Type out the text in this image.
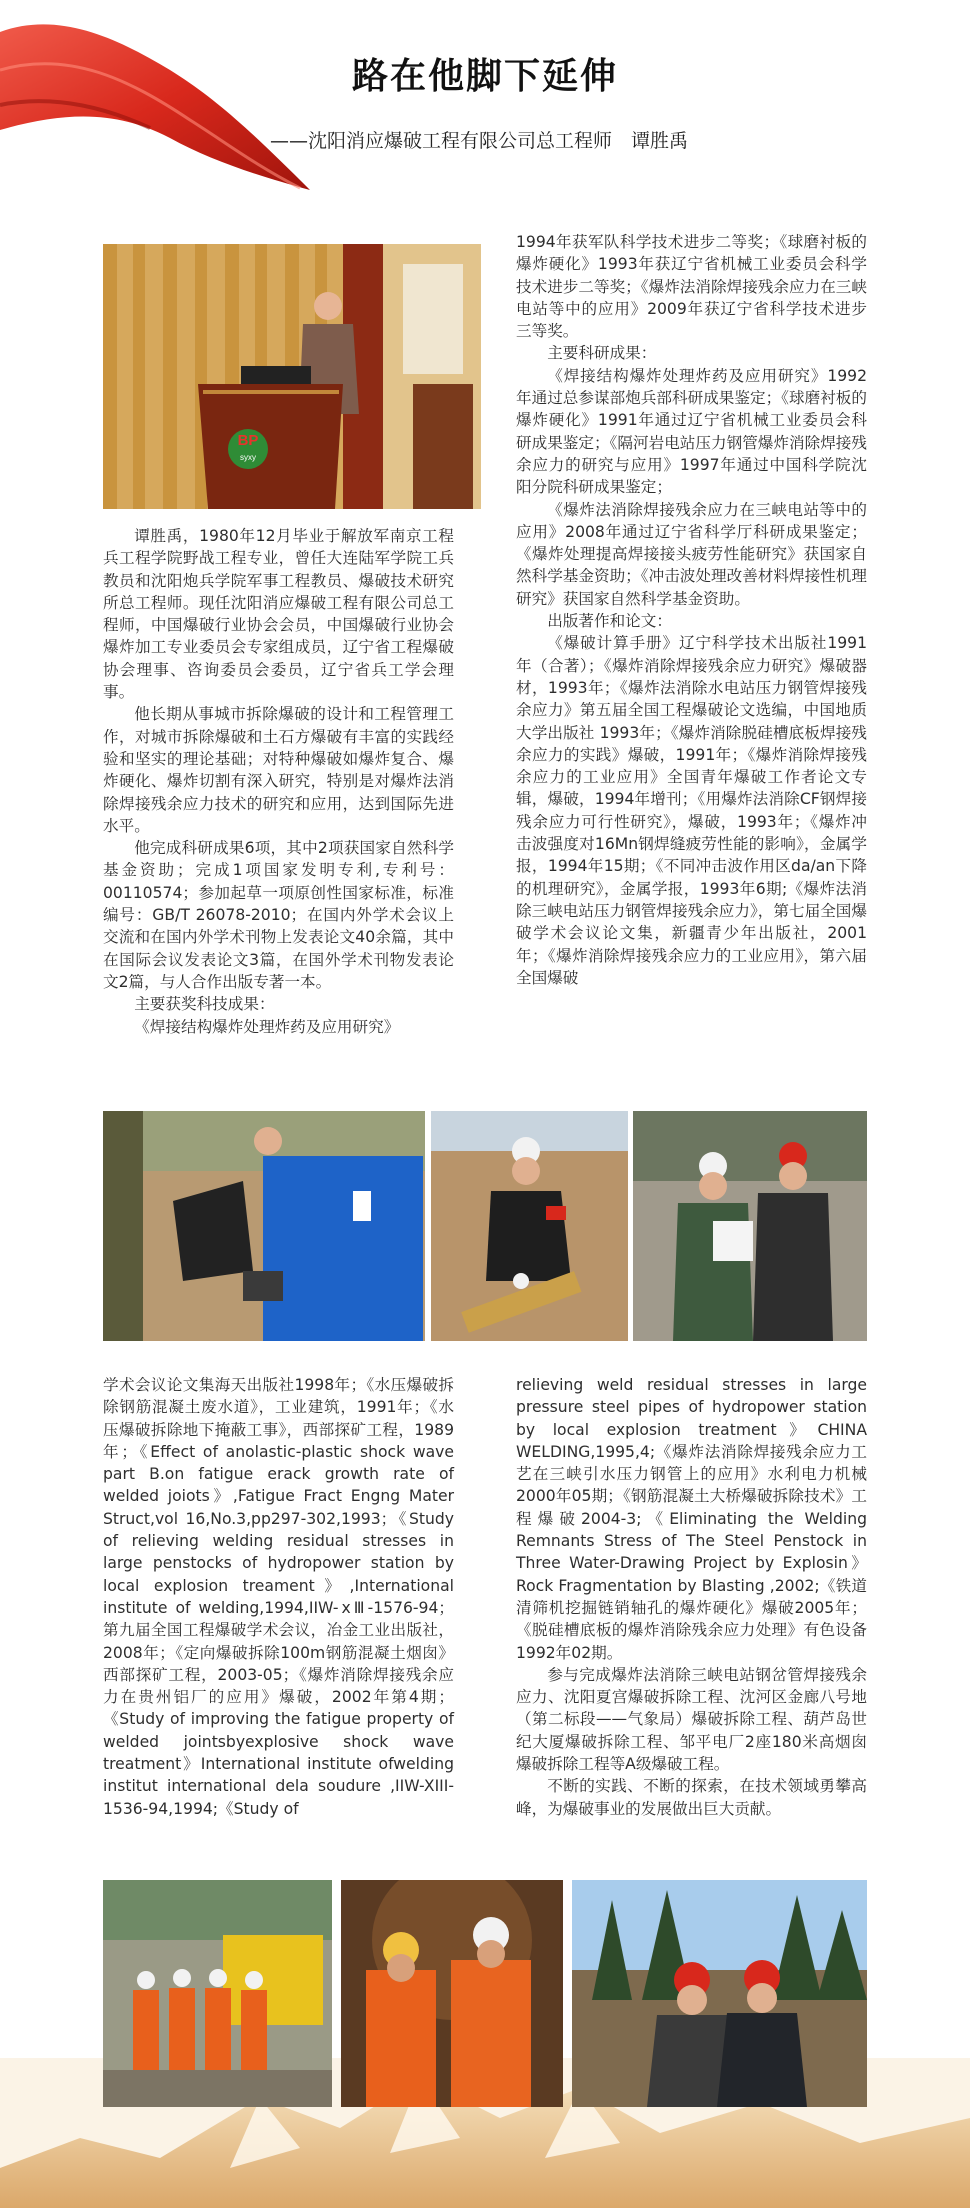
路在他脚下延伸
——沈阳消应爆破工程有限公司总工程师　谭胜禹
BP
syxy

谭胜禹，1980年12月毕业于解放军南京工程兵工程学院野战工程专业，曾任大连陆军学院工兵教员和沈阳炮兵学院军事工程教员、爆破技术研究所总工程师。现任沈阳消应爆破工程有限公司总工程师，中国爆破行业协会会员，中国爆破行业协会爆炸加工专业委员会专家组成员，辽宁省工程爆破协会理事、咨询委员会委员，辽宁省兵工学会理事。

他长期从事城市拆除爆破的设计和工程管理工作，对城市拆除爆破和土石方爆破有丰富的实践经验和坚实的理论基础；对特种爆破如爆炸复合、爆炸硬化、爆炸切割有深入研究，特别是对爆炸法消除焊接残余应力技术的研究和应用，达到国际先进水平。

他完成科研成果6项，其中2项获国家自然科学基金资助；完成1项国家发明专利,专利号：00110574；参加起草一项原创性国家标准，标准编号：GB/T 26078-2010；在国内外学术会议上交流和在国内外学术刊物上发表论文40余篇，其中在国际会议发表论文3篇，在国外学术刊物发表论文2篇，与人合作出版专著一本。

主要获奖科技成果：

《焊接结构爆炸处理炸药及应用研究》

1994年获军队科学技术进步二等奖；《球磨衬板的爆炸硬化》1993年获辽宁省机械工业委员会科学技术进步二等奖；《爆炸法消除焊接残余应力在三峡电站等中的应用》2009年获辽宁省科学技术进步三等奖。

主要科研成果：

《焊接结构爆炸处理炸药及应用研究》1992年通过总参谋部炮兵部科研成果鉴定；《球磨衬板的爆炸硬化》1991年通过辽宁省机械工业委员会科研成果鉴定；《隔河岩电站压力钢管爆炸消除焊接残余应力的研究与应用》1997年通过中国科学院沈阳分院科研成果鉴定；

《爆炸法消除焊接残余应力在三峡电站等中的应用》2008年通过辽宁省科学厅科研成果鉴定；《爆炸处理提高焊接接头疲劳性能研究》获国家自然科学基金资助；《冲击波处理改善材料焊接性机理研究》获国家自然科学基金资助。

出版著作和论文：

《爆破计算手册》辽宁科学技术出版社1991年（合著）；《爆炸消除焊接残余应力研究》爆破器材，1993年；《爆炸法消除水电站压力钢管焊接残余应力》第五届全国工程爆破论文选编，中国地质大学出版社 1993年；《爆炸消除脱硅槽底板焊接残余应力的实践》爆破，1991年；《爆炸消除焊接残余应力的工业应用》全国青年爆破工作者论文专辑，爆破，1994年增刊；《用爆炸法消除CF钢焊接残余应力可行性研究》，爆破，1993年；《爆炸冲击波强度对16Mn钢焊缝疲劳性能的影响》，金属学报，1994年15期；《不同冲击波作用区da/an下降的机理研究》，金属学报，1993年6期;《爆炸法消除三峡电站压力钢管焊接残余应力》，第七届全国爆破学术会议论文集，新疆青少年出版社，2001年；《爆炸消除焊接残余应力的工业应用》，第六届全国爆破

学术会议论文集海天出版社1998年；《水压爆破拆除钢筋混凝土废水道》，工业建筑，1991年；《水压爆破拆除地下掩蔽工事》，西部探矿工程，1989年；《Effect of anolastic-plastic shock wave part B.on fatigue erack growth rate of welded joiots》,Fatigue Fract Engng Mater Struct,vol 16,No.3,pp297-302,1993；《Study of relieving welding residual stresses in large penstocks of hydropower station by local explosion treament》,International institute of welding,1994,IIW-ⅹⅢ-1576-94；第九届全国工程爆破学术会议，冶金工业出版社，2008年；《定向爆破拆除100m钢筋混凝土烟囱》西部探矿工程，2003-05；《爆炸消除焊接残余应力在贵州铝厂的应用》爆破，2002年第4期；《Study of improving the fatigue property of welded jointsbyexplosive shock wave treatment》International institute ofwelding institut international dela soudure ,IIW-XIII-1536-94,1994;《Study of

relieving weld residual stresses in large pressure steel pipes of hydropower station by local explosion treatment》CHINA WELDING,1995,4;《爆炸法消除焊接残余应力工艺在三峡引水压力钢管上的应用》水利电力机械2000年05期；《钢筋混凝土大桥爆破拆除技术》工程爆破2004-3;《Eliminating the Welding Remnants Stress of The Steel Penstock in Three Water-Drawing Project by Explosin》Rock Fragmentation by Blasting ,2002;《铁道清筛机挖掘链销轴孔的爆炸硬化》爆破2005年；《脱硅槽底板的爆炸消除残余应力处理》有色设备1992年02期。

参与完成爆炸法消除三峡电站钢岔管焊接残余应力、沈阳夏宫爆破拆除工程、沈河区金廊八号地（第二标段——气象局）爆破拆除工程、葫芦岛世纪大厦爆破拆除工程、邹平电厂2座180米高烟囱爆破拆除工程等A级爆破工程。

不断的实践、不断的探索，在技术领域勇攀高峰，为爆破事业的发展做出巨大贡献。
